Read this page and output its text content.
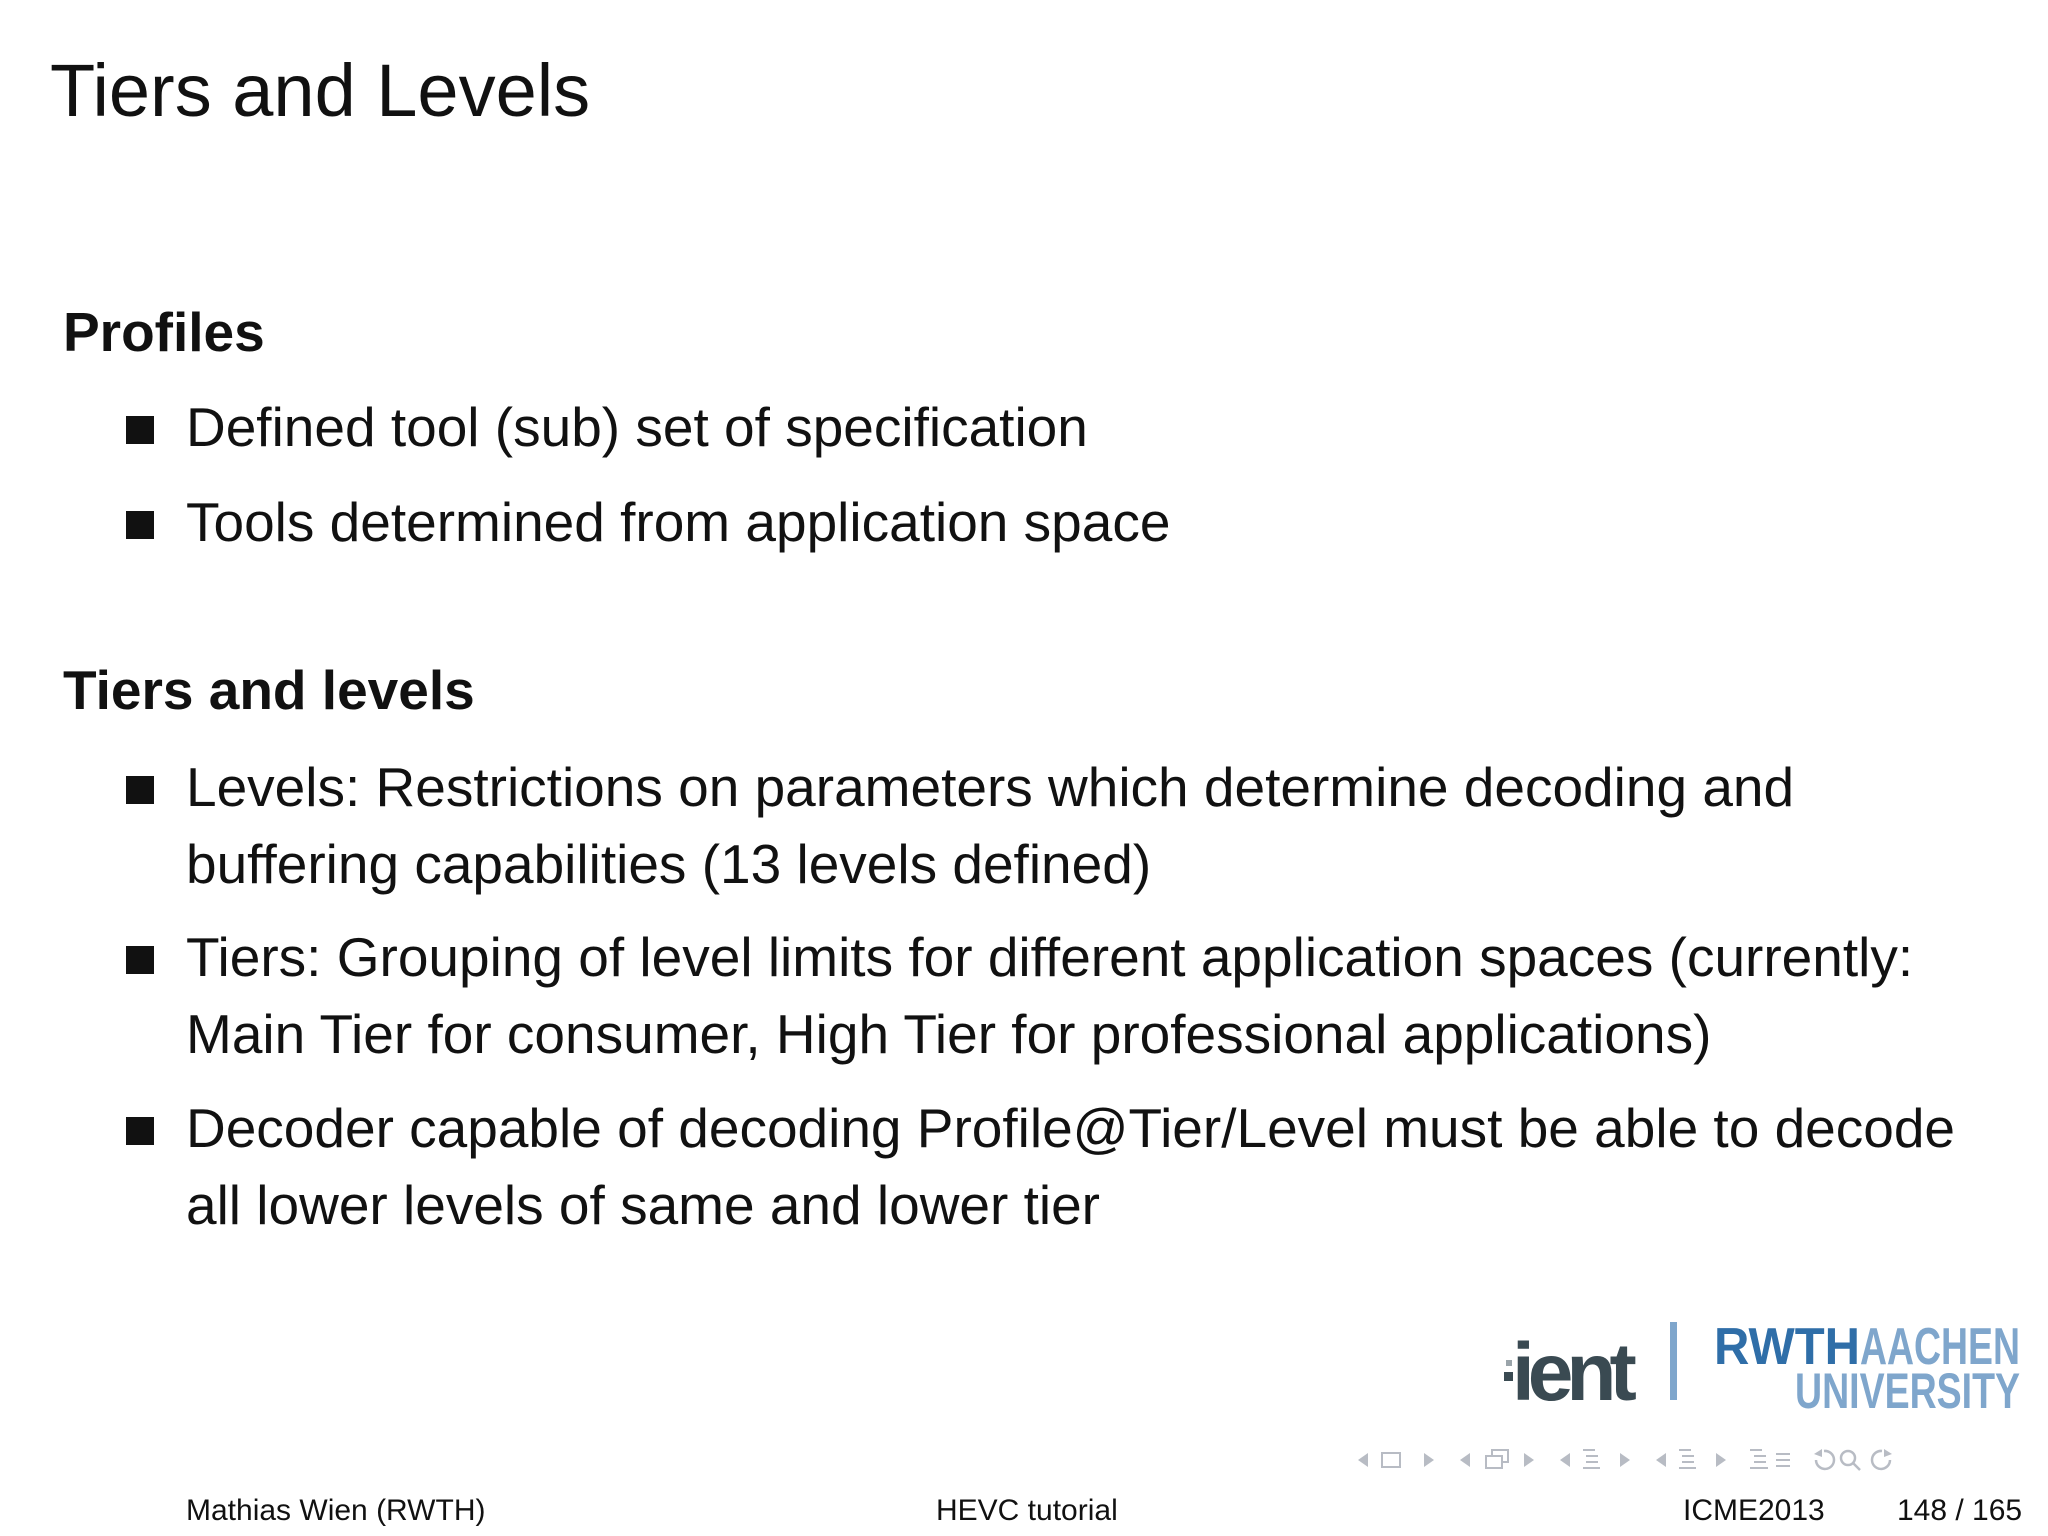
Tiers and Levels
Profiles

Defined tool (sub) set of specification

Tools determined from application space

Tiers and levels

Levels: Restrictions on parameters which determine decoding and buffering capabilities (13 levels defined)

Tiers: Grouping of level limits for different application spaces (currently: Main Tier for consumer, High Tier for professional applications)

Decoder capable of decoding Profile@Tier/Level must be able to decode all lower levels of same and lower tier

ient RWTH AACHEN
UNIVERSITY

Mathias Wien (RWTH)	HEVC tutorial	ICME2013 148 / 165
